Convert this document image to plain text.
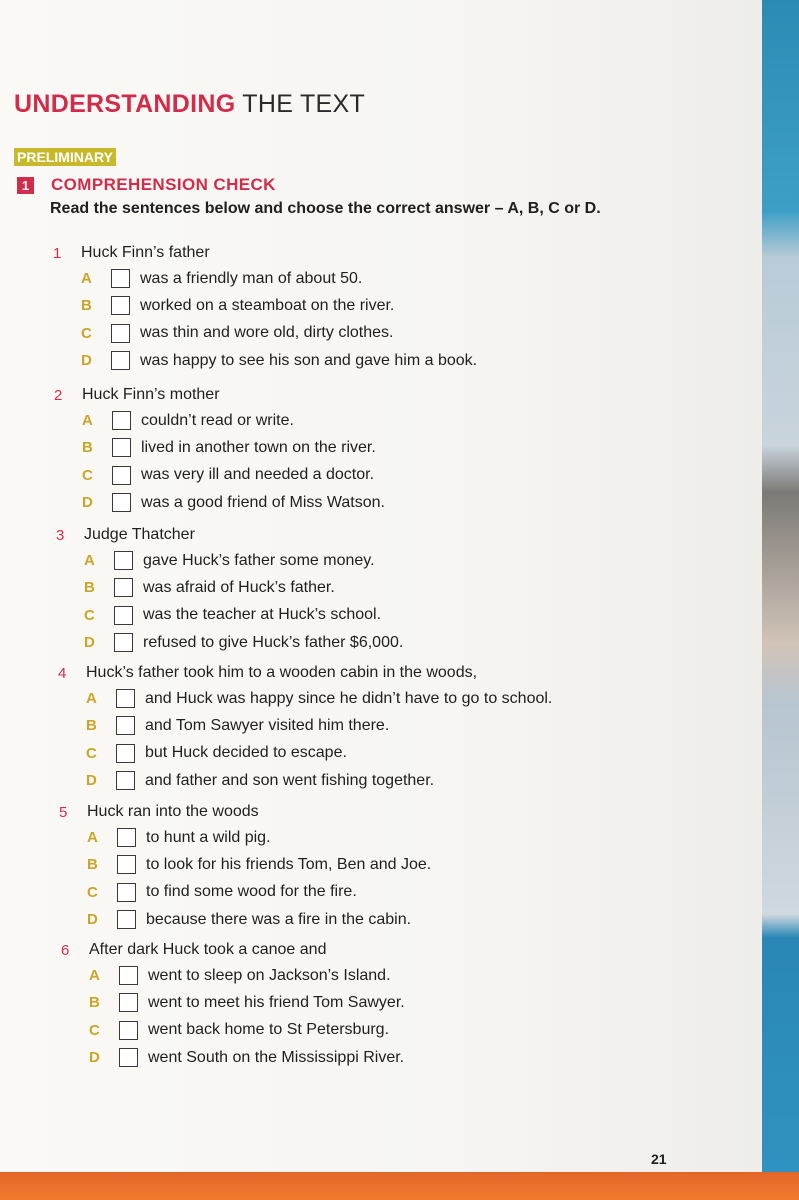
UNDERSTANDING THE TEXT
PRELIMINARY
1 COMPREHENSION CHECK

Read the sentences below and choose the correct answer – A, B, C or D.

1	Huck Finn’s father
A	was a friendly man of about 50.
B	worked on a steamboat on the river.
C	was thin and wore old, dirty clothes.
D	was happy to see his son and gave him a book.
2	Huck Finn’s mother
A	couldn’t read or write.
B	lived in another town on the river.
C	was very ill and needed a doctor.
D	was a good friend of Miss Watson.
3	Judge Thatcher
A	gave Huck’s father some money.
B	was afraid of Huck’s father.
C	was the teacher at Huck’s school.
D	refused to give Huck’s father $6,000.
4	Huck’s father took him to a wooden cabin in the woods,
A	and Huck was happy since he didn’t have to go to school.
B	and Tom Sawyer visited him there.
C	but Huck decided to escape.
D	and father and son went fishing together.
5	Huck ran into the woods
A	to hunt a wild pig.
B	to look for his friends Tom, Ben and Joe.
C	to find some wood for the fire.
D	because there was a fire in the cabin.
6	After dark Huck took a canoe and
A	went to sleep on Jackson’s Island.
B	went to meet his friend Tom Sawyer.
C	went back home to St Petersburg.
D	went South on the Mississippi River.
21
